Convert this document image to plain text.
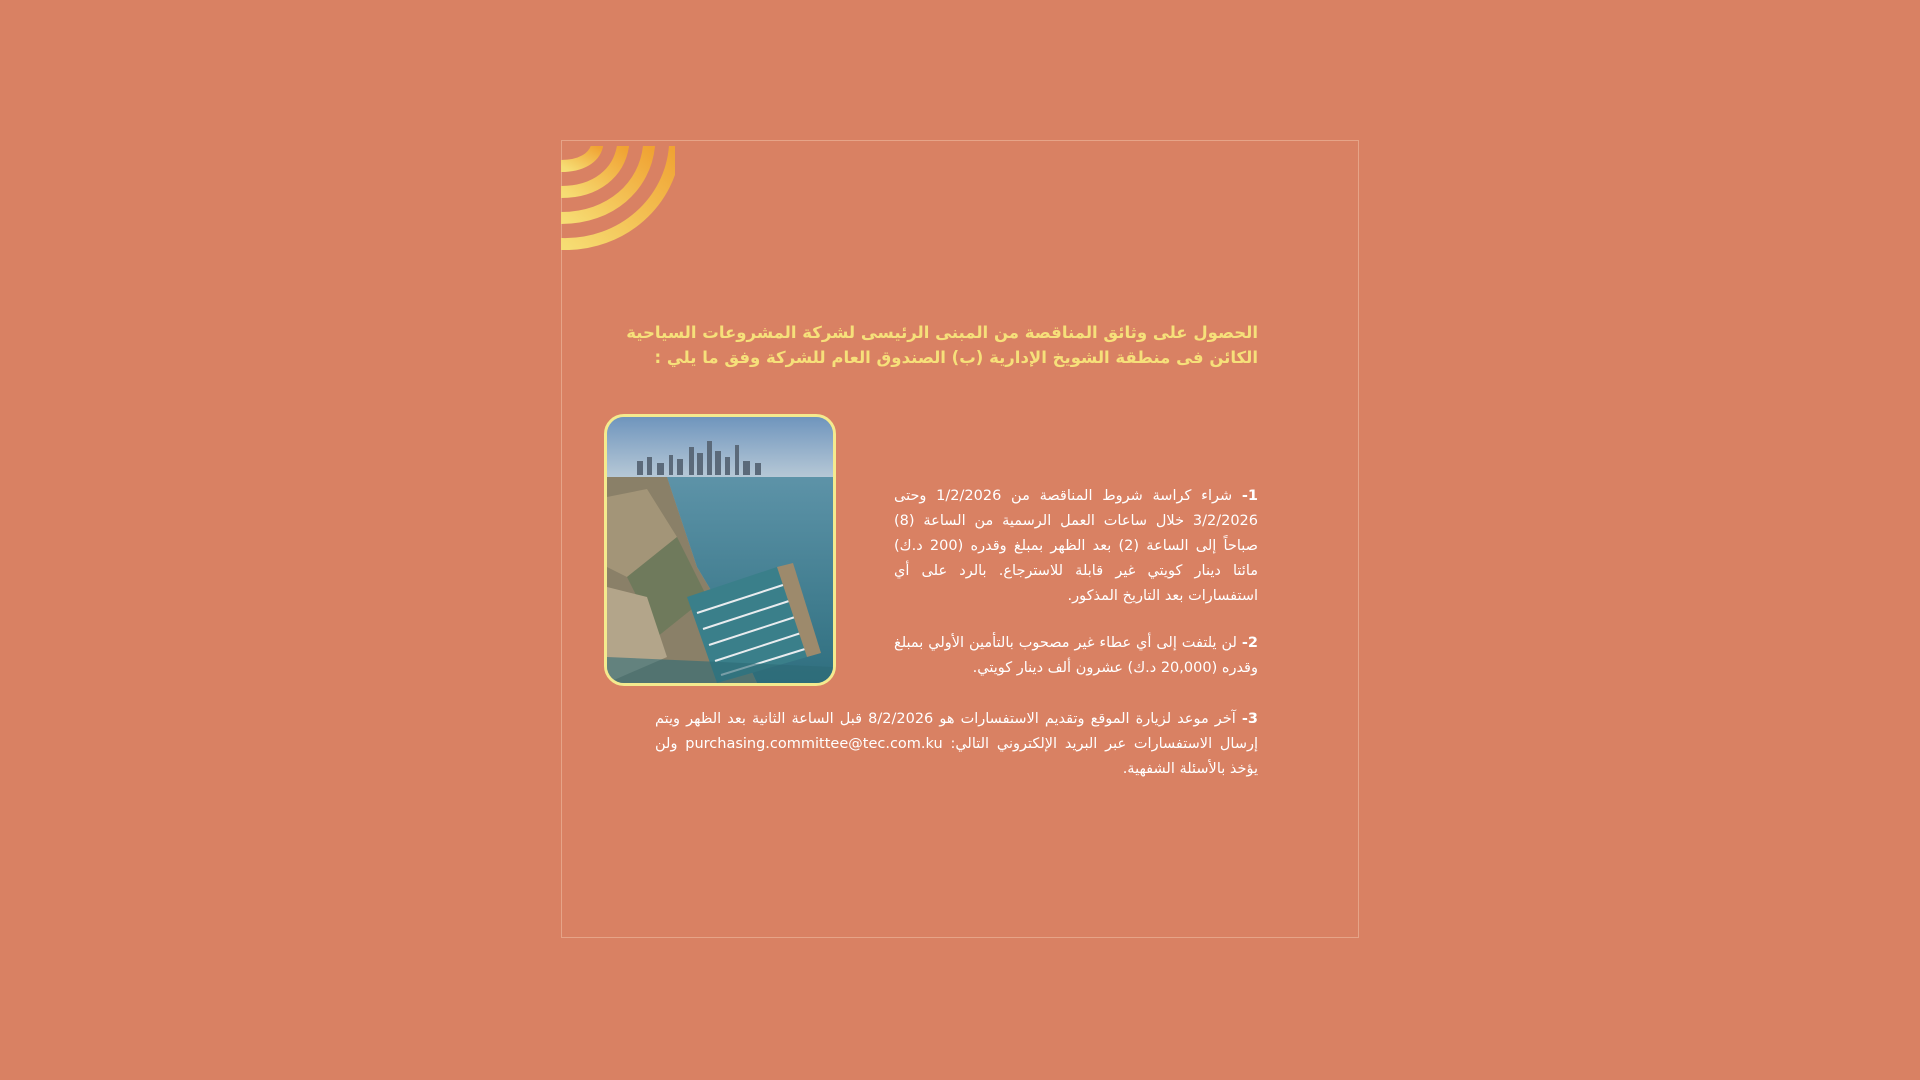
الحصول على وثائق المناقصة من المبنى الرئيسى لشركة المشروعات السياحية الكائن فى منطقة الشويخ الإدارية (ب) الصندوق العام للشركة وفق ما يلي :
1- شراء كراسة شروط المناقصة من 1/2/2026 وحتى 3/2/2026 خلال ساعات العمل الرسمية من الساعة (8) صباحاً إلى الساعة (2) بعد الظهر بمبلغ وقدره (200 د.ك) مائتا دينار كويتي غير قابلة للاسترجاع. بالرد على أي استفسارات بعد التاريخ المذكور.
2- لن يلتفت إلى أي عطاء غير مصحوب بالتأمين الأولي بمبلغ وقدره (20,000 د.ك) عشرون ألف دينار كويتي.
3- آخر موعد لزيارة الموقع وتقديم الاستفسارات هو 8/2/2026 قبل الساعة الثانية بعد الظهر ويتم إرسال الاستفسارات عبر البريد الإلكتروني التالي: purchasing.committee@tec.com.ku ولن يؤخذ بالأسئلة الشفهية.
